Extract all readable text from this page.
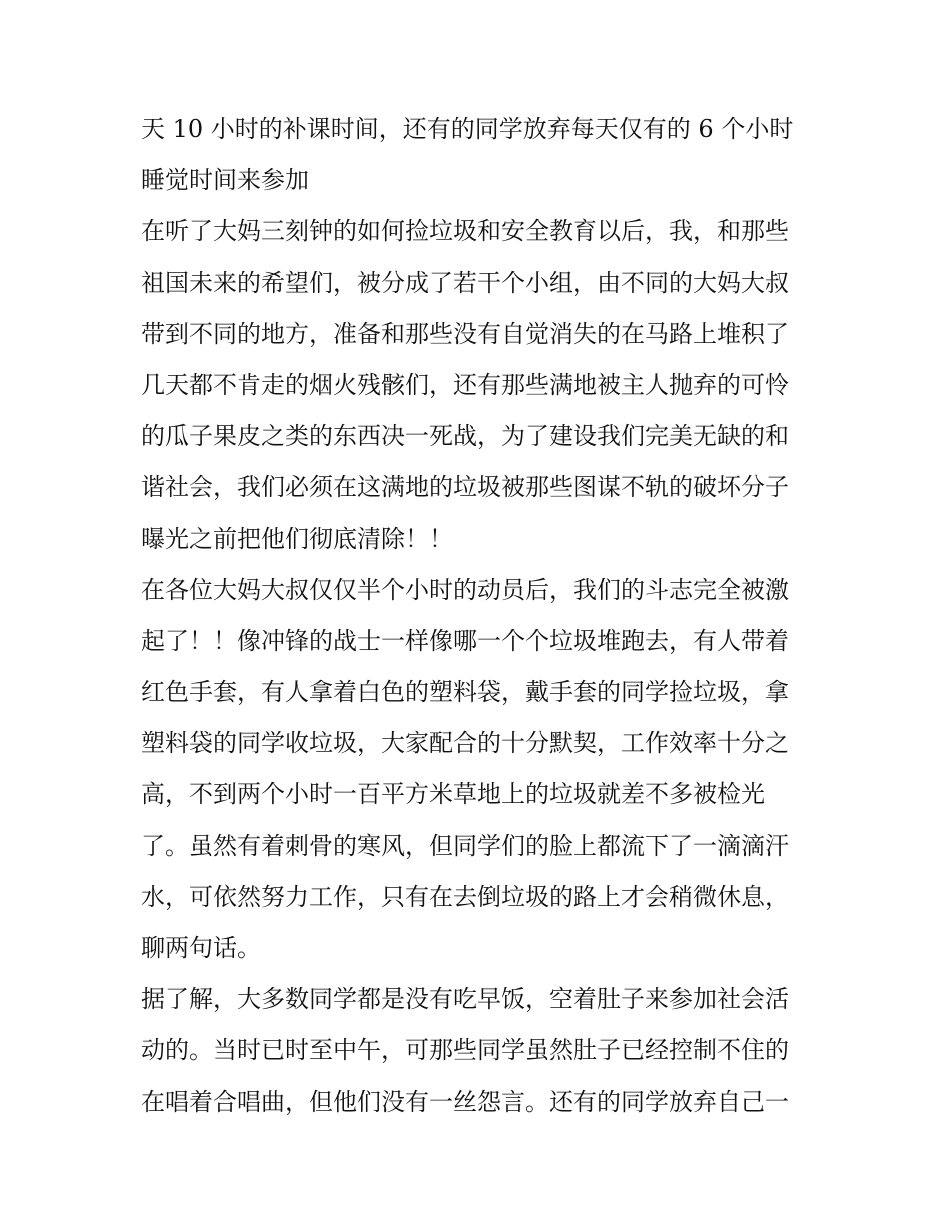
天 10 小时的补课时间，还有的同学放弃每天仅有的 6 个小时
睡觉时间来参加
在听了大妈三刻钟的如何捡垃圾和安全教育以后，我，和那些
祖国未来的希望们，被分成了若干个小组，由不同的大妈大叔
带到不同的地方，准备和那些没有自觉消失的在马路上堆积了
几天都不肯走的烟火残骸们，还有那些满地被主人抛弃的可怜
的瓜子果皮之类的东西决一死战，为了建设我们完美无缺的和
谐社会，我们必须在这满地的垃圾被那些图谋不轨的破坏分子
曝光之前把他们彻底清除！！
在各位大妈大叔仅仅半个小时的动员后，我们的斗志完全被激
起了！！像冲锋的战士一样像哪一个个垃圾堆跑去，有人带着
红色手套，有人拿着白色的塑料袋，戴手套的同学捡垃圾，拿
塑料袋的同学收垃圾，大家配合的十分默契，工作效率十分之
高，不到两个小时一百平方米草地上的垃圾就差不多被检光
了。虽然有着刺骨的寒风，但同学们的脸上都流下了一滴滴汗
水，可依然努力工作，只有在去倒垃圾的路上才会稍微休息，
聊两句话。
据了解，大多数同学都是没有吃早饭，空着肚子来参加社会活
动的。当时已时至中午，可那些同学虽然肚子已经控制不住的
在唱着合唱曲，但他们没有一丝怨言。还有的同学放弃自己一
